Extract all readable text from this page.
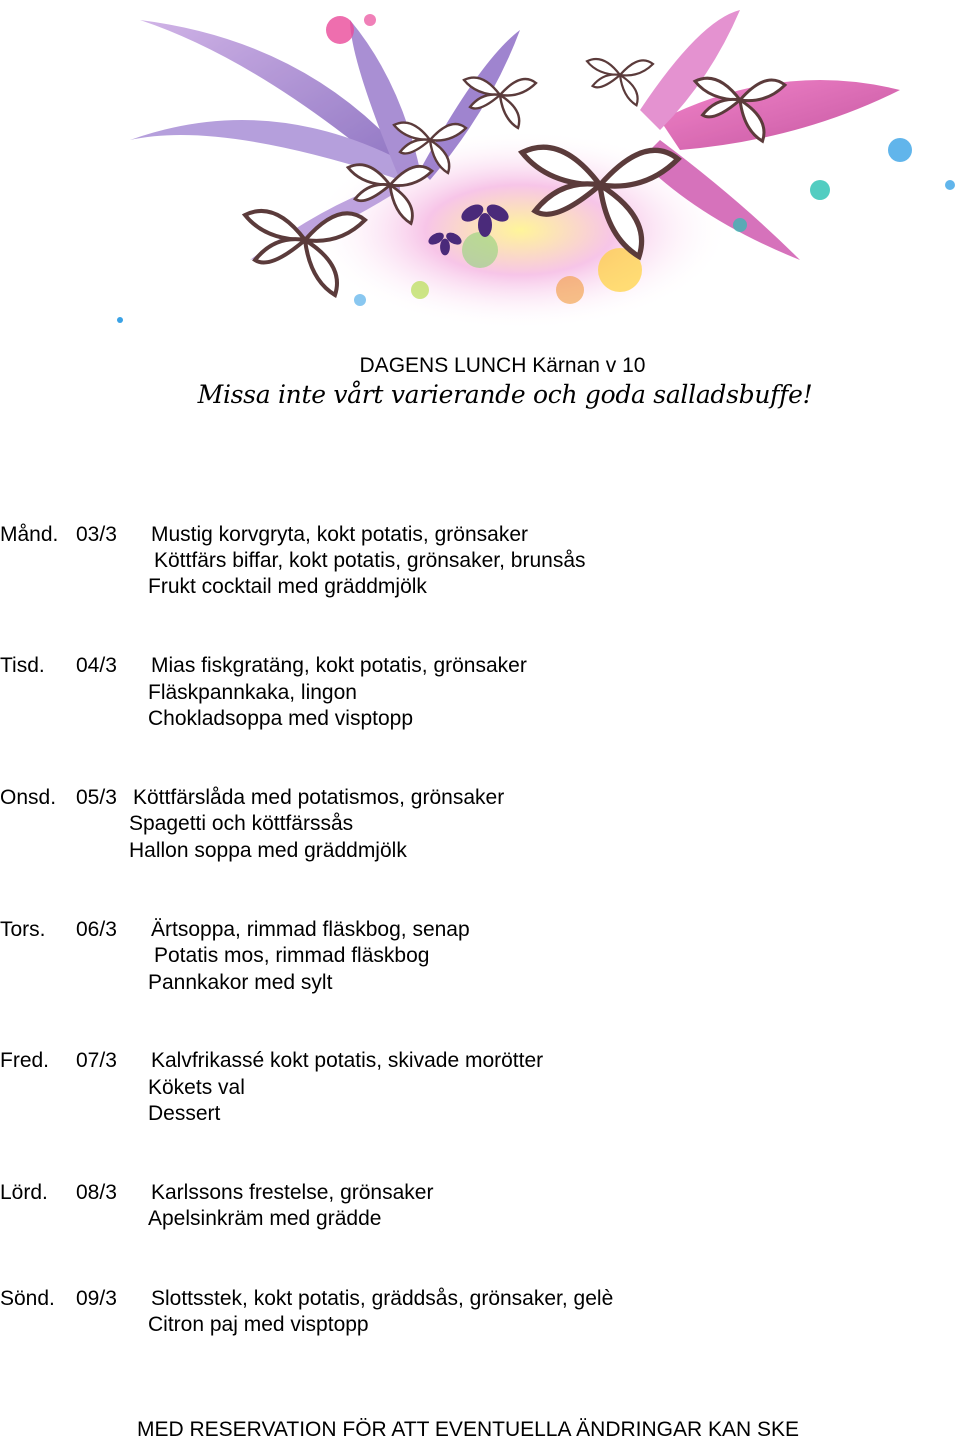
DAGENS LUNCH Kärnan v 10
Missa inte vårt varierande och goda salladsbuffe!
Månd. 03/3 Mustig korvgryta, kokt potatis, grönsaker
Köttfärs biffar, kokt potatis, grönsaker, brunsås
Frukt cocktail med gräddmjölk
Tisd. 04/3 Mias fiskgratäng, kokt potatis, grönsaker
Fläskpannkaka, lingon
Chokladsoppa med visptopp
Onsd. 05/3 Köttfärslåda med potatismos, grönsaker
Spagetti och köttfärssås
Hallon soppa med gräddmjölk
Tors. 06/3 Ärtsoppa, rimmad fläskbog, senap
Potatis mos, rimmad fläskbog
Pannkakor med sylt
Fred. 07/3 Kalvfrikassé kokt potatis, skivade morötter
Kökets val
Dessert
Lörd. 08/3 Karlssons frestelse, grönsaker
Apelsinkräm med grädde
Sönd. 09/3 Slottsstek, kokt potatis, gräddsås, grönsaker, gelè
Citron paj med visptopp
MED RESERVATION FÖR ATT EVENTUELLA ÄNDRINGAR KAN SKE
